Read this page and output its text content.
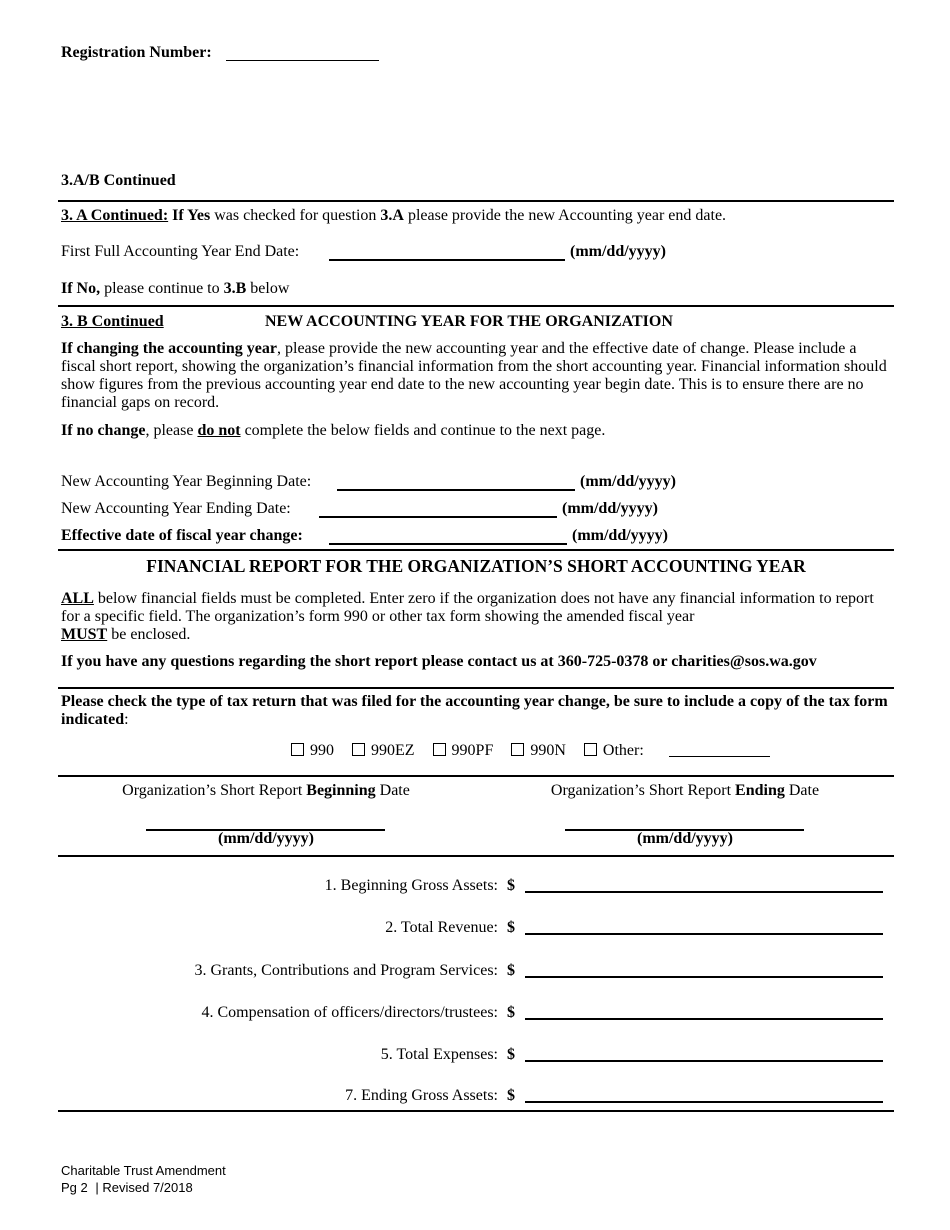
Registration Number:
3.A/B Continued
3. A Continued: If Yes was checked for question 3.A please provide the new Accounting year end date.
First Full Accounting Year End Date:	(mm/dd/yyyy)
If No, please continue to 3.B below
3. B Continued	NEW ACCOUNTING YEAR FOR THE ORGANIZATION
If changing the accounting year, please provide the new accounting year and the effective date of change. Please include a fiscal short report, showing the organization’s financial information from the short accounting year. Financial information should show figures from the previous accounting year end date to the new accounting year begin date. This is to ensure there are no financial gaps on record.
If no change, please do not complete the below fields and continue to the next page.
New Accounting Year Beginning Date:	(mm/dd/yyyy)
New Accounting Year Ending Date:	(mm/dd/yyyy)
Effective date of fiscal year change:	(mm/dd/yyyy)
FINANCIAL REPORT FOR THE ORGANIZATION’S SHORT ACCOUNTING YEAR
ALL below financial fields must be completed. Enter zero if the organization does not have any financial information to report for a specific field. The organization’s form 990 or other tax form showing the amended fiscal year
MUST be enclosed.
If you have any questions regarding the short report please contact us at 360-725-0378 or charities@sos.wa.gov
Please check the type of tax return that was filed for the accounting year change, be sure to include a copy of the tax form indicated:
990 990EZ 990PF 990N Other:
Organization’s Short Report Beginning Date
(mm/dd/yyyy)
Organization’s Short Report Ending Date
(mm/dd/yyyy)
1. Beginning Gross Assets: $
2. Total Revenue: $
3. Grants, Contributions and Program Services: $
4. Compensation of officers/directors/trustees: $
5. Total Expenses: $
7. Ending Gross Assets: $
Charitable Trust Amendment
Pg 2 | Revised 7/2018
